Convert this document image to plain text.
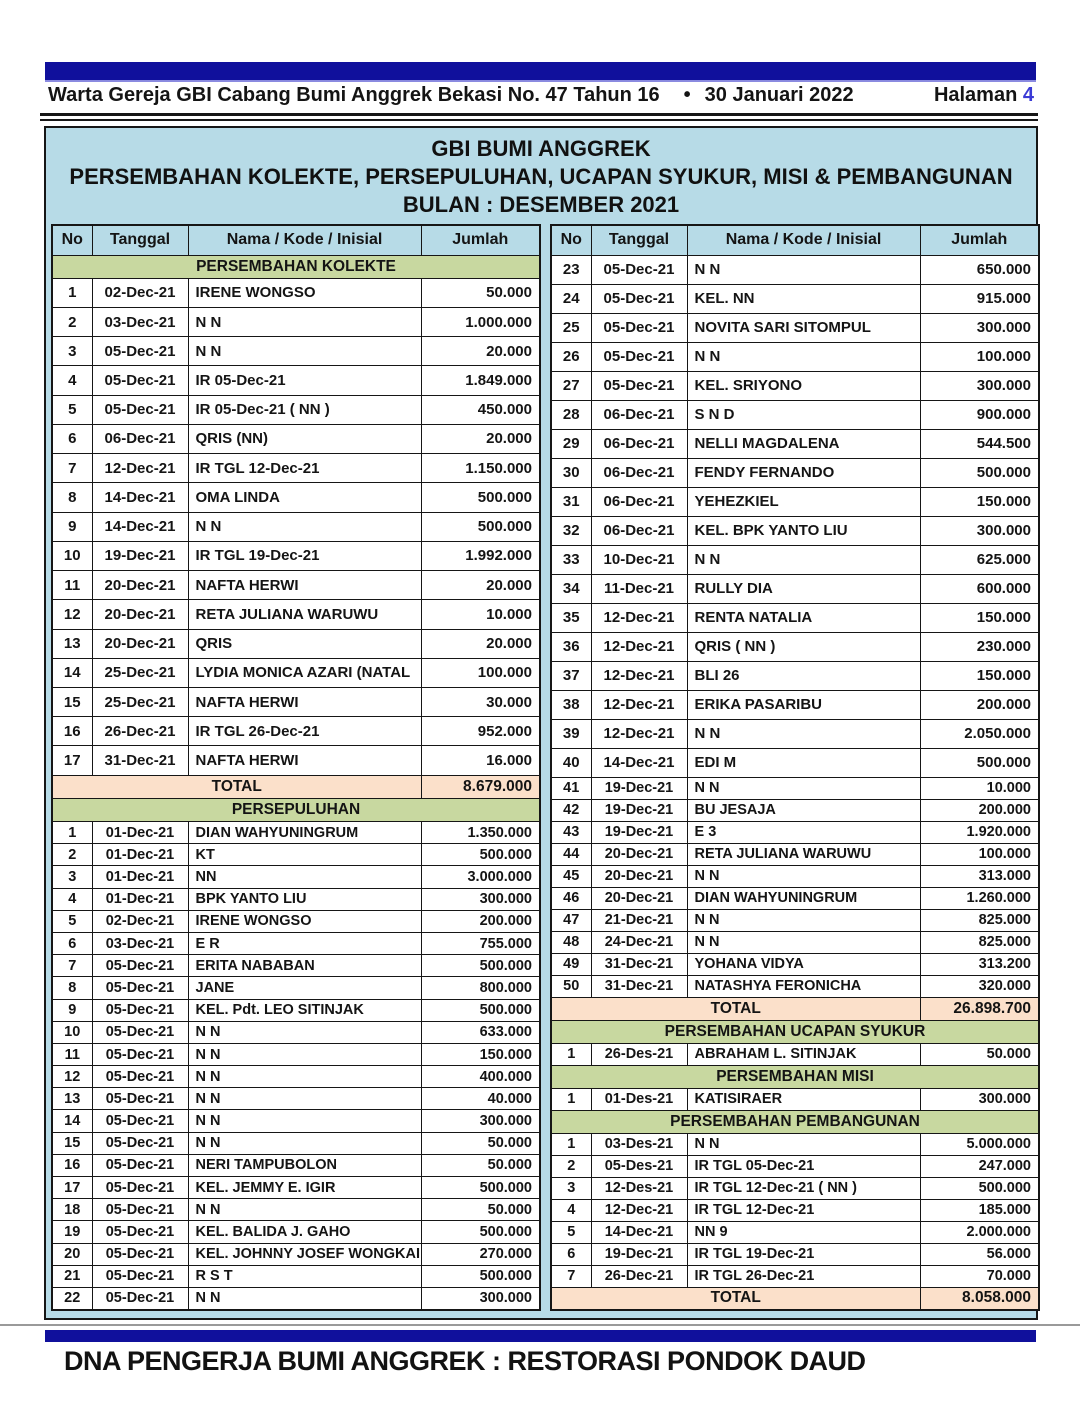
Warta Gereja GBI Cabang Bumi Anggrek Bekasi No. 47 Tahun 16 • 30 Januari 2022	Halaman 4
GBI BUMI ANGGREK
PERSEMBAHAN KOLEKTE, PERSEPULUHAN, UCAPAN SYUKUR, MISI & PEMBANGUNAN
BULAN : DESEMBER 2021
No	Tanggal	Nama / Kode / Inisial	Jumlah
PERSEMBAHAN KOLEKTE			
1	02-Dec-21	IRENE WONGSO	50.000
2	03-Dec-21	N N	1.000.000
3	05-Dec-21	N N	20.000
4	05-Dec-21	IR 05-Dec-21	1.849.000
5	05-Dec-21	IR 05-Dec-21 ( NN )	450.000
6	06-Dec-21	QRIS (NN)	20.000
7	12-Dec-21	IR TGL 12-Dec-21	1.150.000
8	14-Dec-21	OMA LINDA	500.000
9	14-Dec-21	N N	500.000
10	19-Dec-21	IR TGL 19-Dec-21	1.992.000
11	20-Dec-21	NAFTA HERWI	20.000
12	20-Dec-21	RETA JULIANA WARUWU	10.000
13	20-Dec-21	QRIS	20.000
14	25-Dec-21	LYDIA MONICA AZARI (NATAL	100.000
15	25-Dec-21	NAFTA HERWI	30.000
16	26-Dec-21	IR TGL 26-Dec-21	952.000
17	31-Dec-21	NAFTA HERWI	16.000
TOTAL			8.679.000
PERSEPULUHAN			
1	01-Dec-21	DIAN WAHYUNINGRUM	1.350.000
2	01-Dec-21	KT	500.000
3	01-Dec-21	NN	3.000.000
4	01-Dec-21	BPK YANTO LIU	300.000
5	02-Dec-21	IRENE WONGSO	200.000
6	03-Dec-21	E R	755.000
7	05-Dec-21	ERITA NABABAN	500.000
8	05-Dec-21	JANE	800.000
9	05-Dec-21	KEL. Pdt. LEO SITINJAK	500.000
10	05-Dec-21	N N	633.000
11	05-Dec-21	N N	150.000
12	05-Dec-21	N N	400.000
13	05-Dec-21	N N	40.000
14	05-Dec-21	N N	300.000
15	05-Dec-21	N N	50.000
16	05-Dec-21	NERI TAMPUBOLON	50.000
17	05-Dec-21	KEL. JEMMY E. IGIR	500.000
18	05-Dec-21	N N	50.000
19	05-Dec-21	KEL. BALIDA J. GAHO	500.000
20	05-Dec-21	KEL. JOHNNY JOSEF WONGKAI	270.000
21	05-Dec-21	R S T	500.000
22	05-Dec-21	N N	300.000
No	Tanggal	Nama / Kode / Inisial	Jumlah
23	05-Dec-21	N N	650.000
24	05-Dec-21	KEL. NN	915.000
25	05-Dec-21	NOVITA SARI SITOMPUL	300.000
26	05-Dec-21	N N	100.000
27	05-Dec-21	KEL. SRIYONO	300.000
28	06-Dec-21	S N D	900.000
29	06-Dec-21	NELLI MAGDALENA	544.500
30	06-Dec-21	FENDY FERNANDO	500.000
31	06-Dec-21	YEHEZKIEL	150.000
32	06-Dec-21	KEL. BPK YANTO LIU	300.000
33	10-Dec-21	N N	625.000
34	11-Dec-21	RULLY DIA	600.000
35	12-Dec-21	RENTA NATALIA	150.000
36	12-Dec-21	QRIS ( NN )	230.000
37	12-Dec-21	BLI 26	150.000
38	12-Dec-21	ERIKA PASARIBU	200.000
39	12-Dec-21	N N	2.050.000
40	14-Dec-21	EDI M	500.000
41	19-Dec-21	N N	10.000
42	19-Dec-21	BU JESAJA	200.000
43	19-Dec-21	E 3	1.920.000
44	20-Dec-21	RETA JULIANA WARUWU	100.000
45	20-Dec-21	N N	313.000
46	20-Dec-21	DIAN WAHYUNINGRUM	1.260.000
47	21-Dec-21	N N	825.000
48	24-Dec-21	N N	825.000
49	31-Dec-21	YOHANA VIDYA	313.200
50	31-Dec-21	NATASHYA FERONICHA	320.000
TOTAL			26.898.700
PERSEMBAHAN UCAPAN SYUKUR			
1	26-Des-21	ABRAHAM L. SITINJAK	50.000
PERSEMBAHAN MISI			
1	01-Des-21	KATISIRAER	300.000
PERSEMBAHAN PEMBANGUNAN			
1	03-Des-21	N N	5.000.000
2	05-Des-21	IR TGL 05-Dec-21	247.000
3	12-Des-21	IR TGL 12-Dec-21 ( NN )	500.000
4	12-Dec-21	IR TGL 12-Dec-21	185.000
5	14-Dec-21	NN 9	2.000.000
6	19-Dec-21	IR TGL 19-Dec-21	56.000
7	26-Dec-21	IR TGL 26-Dec-21	70.000
TOTAL			8.058.000
DNA PENGERJA BUMI ANGGREK : RESTORASI PONDOK DAUD
